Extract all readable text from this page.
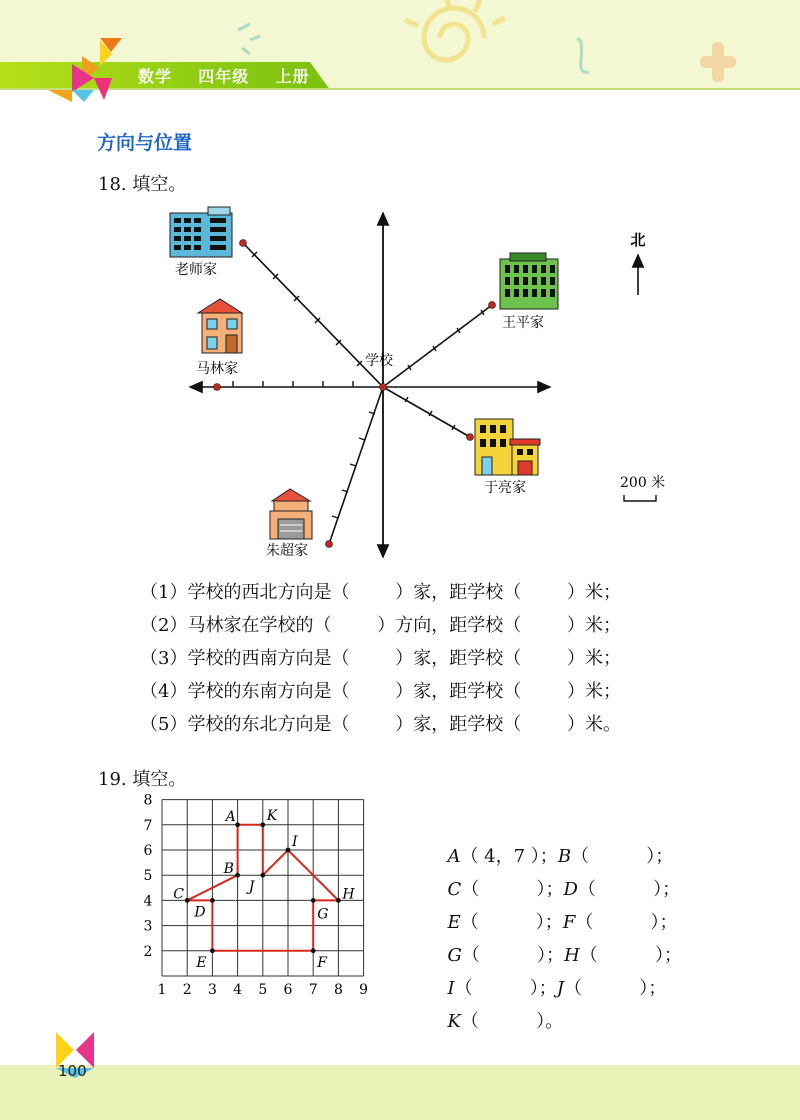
数学    四年级    上册
方向与位置
18. 填空。
北
200 米
学校
老师家
王平家
马林家
于亮家
朱超家
（1）学校的西北方向是（        ）家，距学校（        ）米；
（2）马林家在学校的（        ）方向，距学校（        ）米；
（3）学校的西南方向是（        ）家，距学校（        ）米；
（4）学校的东南方向是（        ）家，距学校（        ）米；
（5）学校的东北方向是（        ）家，距学校（        ）米。
19. 填空。
1 2 3 4 5 6 7 8 9
2
3
4
5
6
7
8
A K
I
B
J
C
D
H
G
E	F

A（ 4，7 ）；B（          ）；

C（          ）；D（          ）；

E（          ）；F（          ）；

G（          ）；H（          ）；

I（          ）；J（          ）；

K（          ）。

100
